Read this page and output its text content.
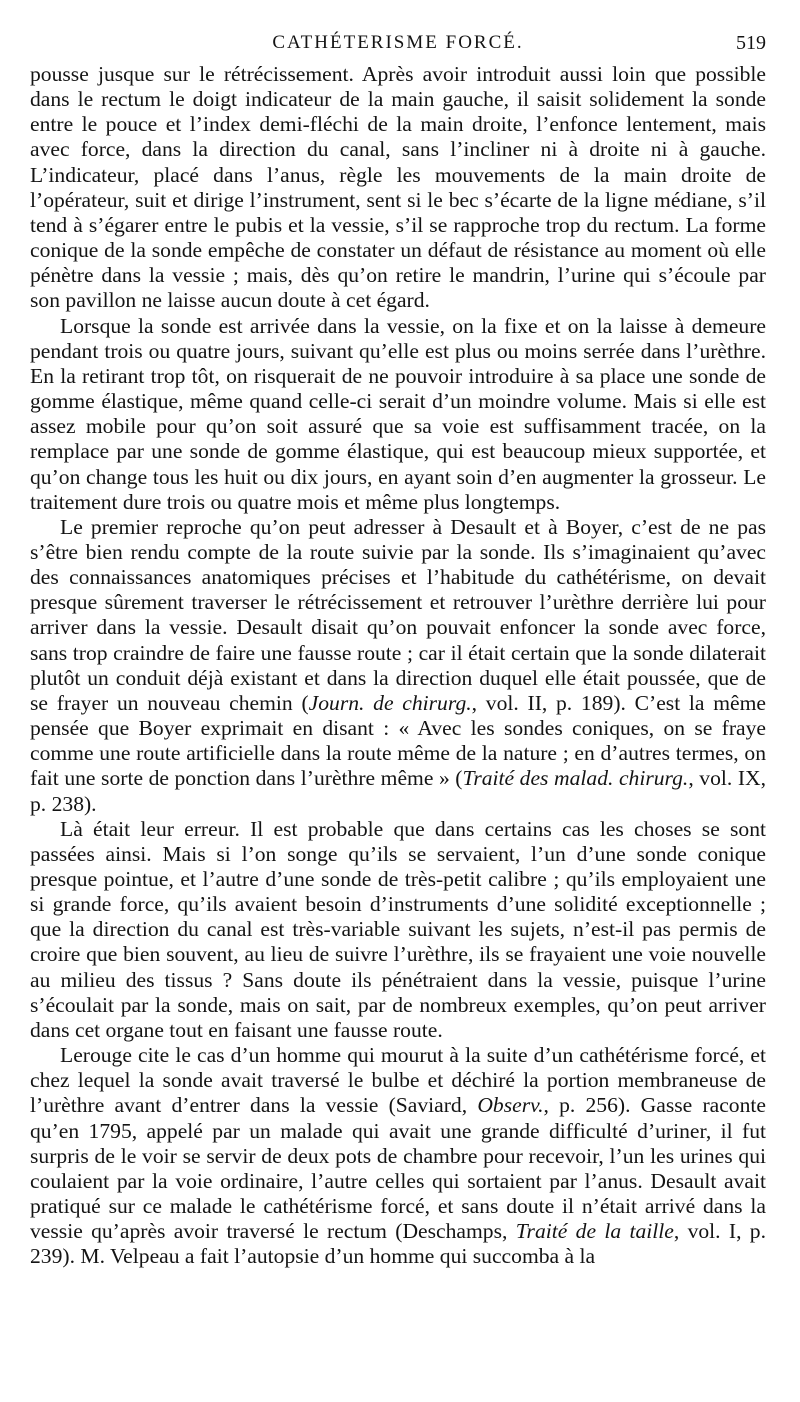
CATHÉTERISME FORCÉ.	519

pousse jusque sur le rétrécissement. Après avoir introduit aussi loin que possible dans le rectum le doigt indicateur de la main gauche, il saisit solidement la sonde entre le pouce et l’index demi-fléchi de la main droite, l’enfonce lentement, mais avec force, dans la direction du canal, sans l’incliner ni à droite ni à gauche. L’indicateur, placé dans l’anus, règle les mouvements de la main droite de l’opérateur, suit et dirige l’instrument, sent si le bec s’écarte de la ligne médiane, s’il tend à s’égarer entre le pubis et la vessie, s’il se rapproche trop du rectum. La forme conique de la sonde empêche de constater un défaut de résistance au moment où elle pénètre dans la vessie ; mais, dès qu’on retire le mandrin, l’urine qui s’écoule par son pavillon ne laisse aucun doute à cet égard.

Lorsque la sonde est arrivée dans la vessie, on la fixe et on la laisse à demeure pendant trois ou quatre jours, suivant qu’elle est plus ou moins serrée dans l’urèthre. En la retirant trop tôt, on risquerait de ne pouvoir introduire à sa place une sonde de gomme élastique, même quand celle-ci serait d’un moindre volume. Mais si elle est assez mobile pour qu’on soit assuré que sa voie est suffisamment tracée, on la remplace par une sonde de gomme élastique, qui est beaucoup mieux supportée, et qu’on change tous les huit ou dix jours, en ayant soin d’en augmenter la grosseur. Le traitement dure trois ou quatre mois et même plus longtemps.

Le premier reproche qu’on peut adresser à Desault et à Boyer, c’est de ne pas s’être bien rendu compte de la route suivie par la sonde. Ils s’imaginaient qu’avec des connaissances anatomiques précises et l’habitude du cathétérisme, on devait presque sûrement traverser le rétrécissement et retrouver l’urèthre derrière lui pour arriver dans la vessie. Desault disait qu’on pouvait enfoncer la sonde avec force, sans trop craindre de faire une fausse route ; car il était certain que la sonde dilaterait plutôt un conduit déjà existant et dans la direction duquel elle était poussée, que de se frayer un nouveau chemin (Journ. de chirurg., vol. II, p. 189). C’est la même pensée que Boyer exprimait en disant : « Avec les sondes coniques, on se fraye comme une route artificielle dans la route même de la nature ; en d’autres termes, on fait une sorte de ponction dans l’urèthre même » (Traité des malad. chirurg., vol. IX, p. 238).

Là était leur erreur. Il est probable que dans certains cas les choses se sont passées ainsi. Mais si l’on songe qu’ils se servaient, l’un d’une sonde conique presque pointue, et l’autre d’une sonde de très-petit calibre ; qu’ils employaient une si grande force, qu’ils avaient besoin d’instruments d’une solidité exceptionnelle ; que la direction du canal est très-variable suivant les sujets, n’est-il pas permis de croire que bien souvent, au lieu de suivre l’urèthre, ils se frayaient une voie nouvelle au milieu des tissus ? Sans doute ils pénétraient dans la vessie, puisque l’urine s’écoulait par la sonde, mais on sait, par de nombreux exemples, qu’on peut arriver dans cet organe tout en faisant une fausse route.

Lerouge cite le cas d’un homme qui mourut à la suite d’un cathétérisme forcé, et chez lequel la sonde avait traversé le bulbe et déchiré la portion membraneuse de l’urèthre avant d’entrer dans la vessie (Saviard, Observ., p. 256). Gasse raconte qu’en 1795, appelé par un malade qui avait une grande difficulté d’uriner, il fut surpris de le voir se servir de deux pots de chambre pour recevoir, l’un les urines qui coulaient par la voie ordinaire, l’autre celles qui sortaient par l’anus. Desault avait pratiqué sur ce malade le cathétérisme forcé, et sans doute il n’était arrivé dans la vessie qu’après avoir traversé le rectum (Deschamps, Traité de la taille, vol. I, p. 239). M. Velpeau a fait l’autopsie d’un homme qui succomba à la
